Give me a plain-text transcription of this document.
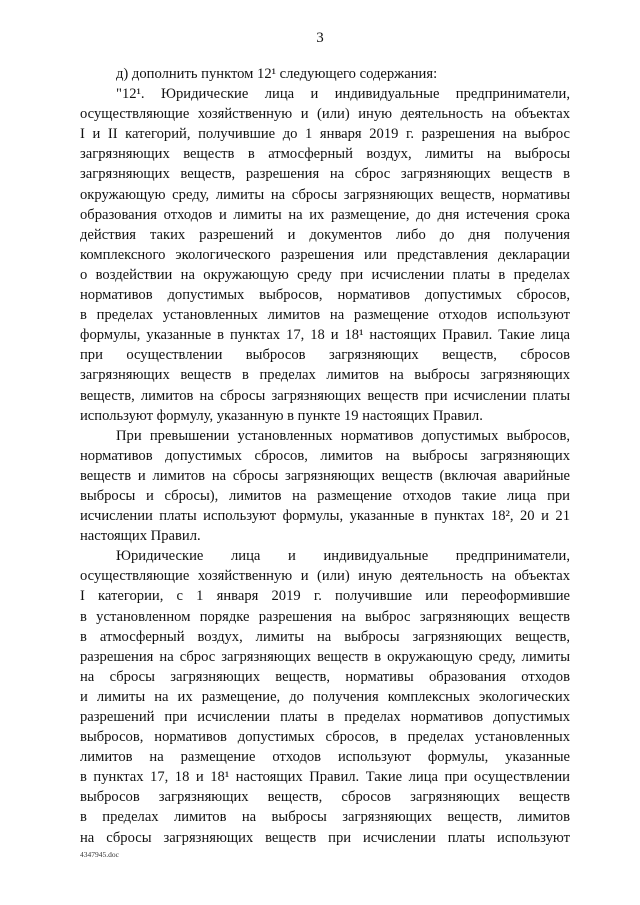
3
д) дополнить пунктом 12¹ следующего содержания:
"12¹. Юридические лица и индивидуальные предприниматели,
осуществляющие хозяйственную и (или) иную деятельность на объектах
I и II категорий, получившие до 1 января 2019 г. разрешения на выброс
загрязняющих веществ в атмосферный воздух, лимиты на выбросы
загрязняющих веществ, разрешения на сброс загрязняющих веществ в
окружающую среду, лимиты на сбросы загрязняющих веществ, нормативы
образования отходов и лимиты на их размещение, до дня истечения срока
действия таких разрешений и документов либо до дня получения
комплексного экологического разрешения или представления декларации
о воздействии на окружающую среду при исчислении платы в пределах
нормативов допустимых выбросов, нормативов допустимых сбросов,
в пределах установленных лимитов на размещение отходов используют
формулы, указанные в пунктах 17, 18 и 18¹ настоящих Правил. Такие лица
при осуществлении выбросов загрязняющих веществ, сбросов
загрязняющих веществ в пределах лимитов на выбросы загрязняющих
веществ, лимитов на сбросы загрязняющих веществ при исчислении платы
используют формулу, указанную в пункте 19 настоящих Правил.
При превышении установленных нормативов допустимых выбросов,
нормативов допустимых сбросов, лимитов на выбросы загрязняющих
веществ и лимитов на сбросы загрязняющих веществ (включая аварийные
выбросы и сбросы), лимитов на размещение отходов такие лица при
исчислении платы используют формулы, указанные в пунктах 18², 20 и 21
настоящих Правил.
Юридические лица и индивидуальные предприниматели,
осуществляющие хозяйственную и (или) иную деятельность на объектах
I категории, с 1 января 2019 г. получившие или переоформившие
в установленном порядке разрешения на выброс загрязняющих веществ
в атмосферный воздух, лимиты на выбросы загрязняющих веществ,
разрешения на сброс загрязняющих веществ в окружающую среду, лимиты
на сбросы загрязняющих веществ, нормативы образования отходов
и лимиты на их размещение, до получения комплексных экологических
разрешений при исчислении платы в пределах нормативов допустимых
выбросов, нормативов допустимых сбросов, в пределах установленных
лимитов на размещение отходов используют формулы, указанные
в пунктах 17, 18 и 18¹ настоящих Правил. Такие лица при осуществлении
выбросов загрязняющих веществ, сбросов загрязняющих веществ
в пределах лимитов на выбросы загрязняющих веществ, лимитов
на сбросы загрязняющих веществ при исчислении платы используют
4347945.doc
